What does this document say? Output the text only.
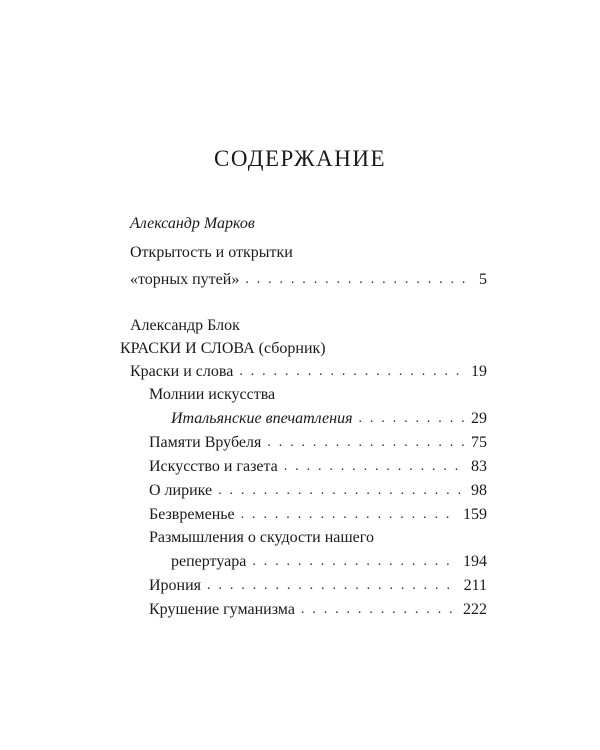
СОДЕРЖАНИЕ
Александр Марков
Открытость и открытки
«торных путей» . . .	5
Александр Блок
КРАСКИ И СЛОВА (сборник)
Краски и слова . . .	19
Молнии искусства
Итальянские впечатления . . .	29
Памяти Врубеля . . .	75
Искусство и газета . . .	83
О лирике . . .	98
Безвременье . . .	159
Размышления о скудости нашего
репертуара . . .	194
Ирония . . .	211
Крушение гуманизма . . .	222
